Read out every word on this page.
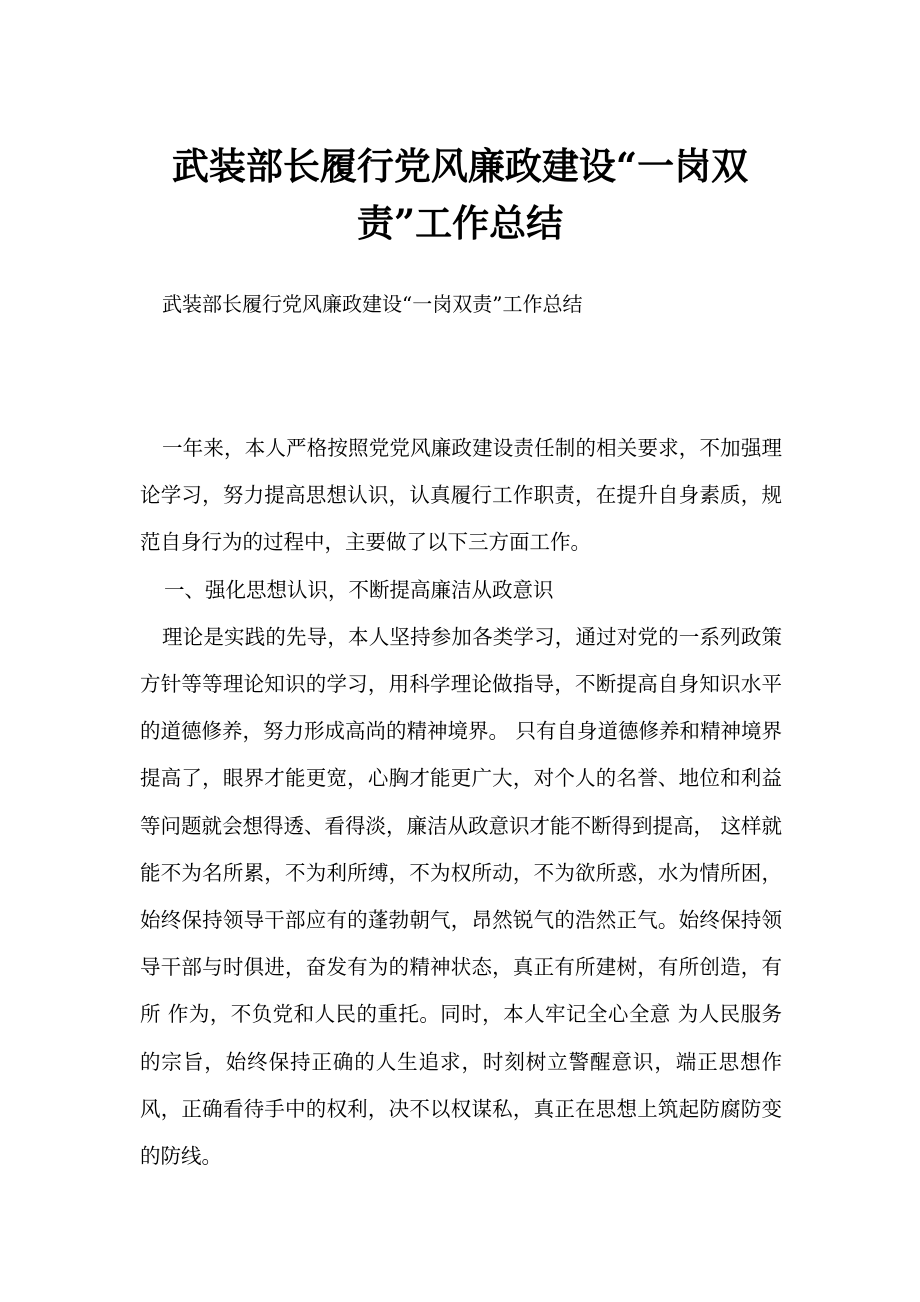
武装部长履行党风廉政建设“一岗双责”工作总结

武装部长履行党风廉政建设“一岗双责”工作总结

一年来，本人严格按照党党风廉政建设责任制的相关要求，不加强理论学习，努力提高思想认识，认真履行工作职责，在提升自身素质，规范自身行为的过程中，主要做了以下三方面工作。

一、强化思想认识，不断提高廉洁从政意识

理论是实践的先导，本人坚持参加各类学习，通过对党的一系列政策方针等等理论知识的学习，用科学理论做指导，不断提高自身知识水平的道德修养，努力形成高尚的精神境界。 只有自身道德修养和精神境界提高了，眼界才能更宽，心胸才能更广大，对个人的名誉、地位和利益等问题就会想得透、看得淡，廉洁从政意识才能不断得到提高， 这样就能不为名所累，不为利所缚，不为权所动，不为欲所惑，水为情所困，始终保持领导干部应有的蓬勃朝气，昂然锐气的浩然正气。始终保持领导干部与时俱进，奋发有为的精神状态，真正有所建树，有所创造，有所 作为，不负党和人民的重托。同时，本人牢记全心全意 为人民服务的宗旨，始终保持正确的人生追求，时刻树立警醒意识，端正思想作风，正确看待手中的权利，决不以权谋私，真正在思想上筑起防腐防变的防线。
